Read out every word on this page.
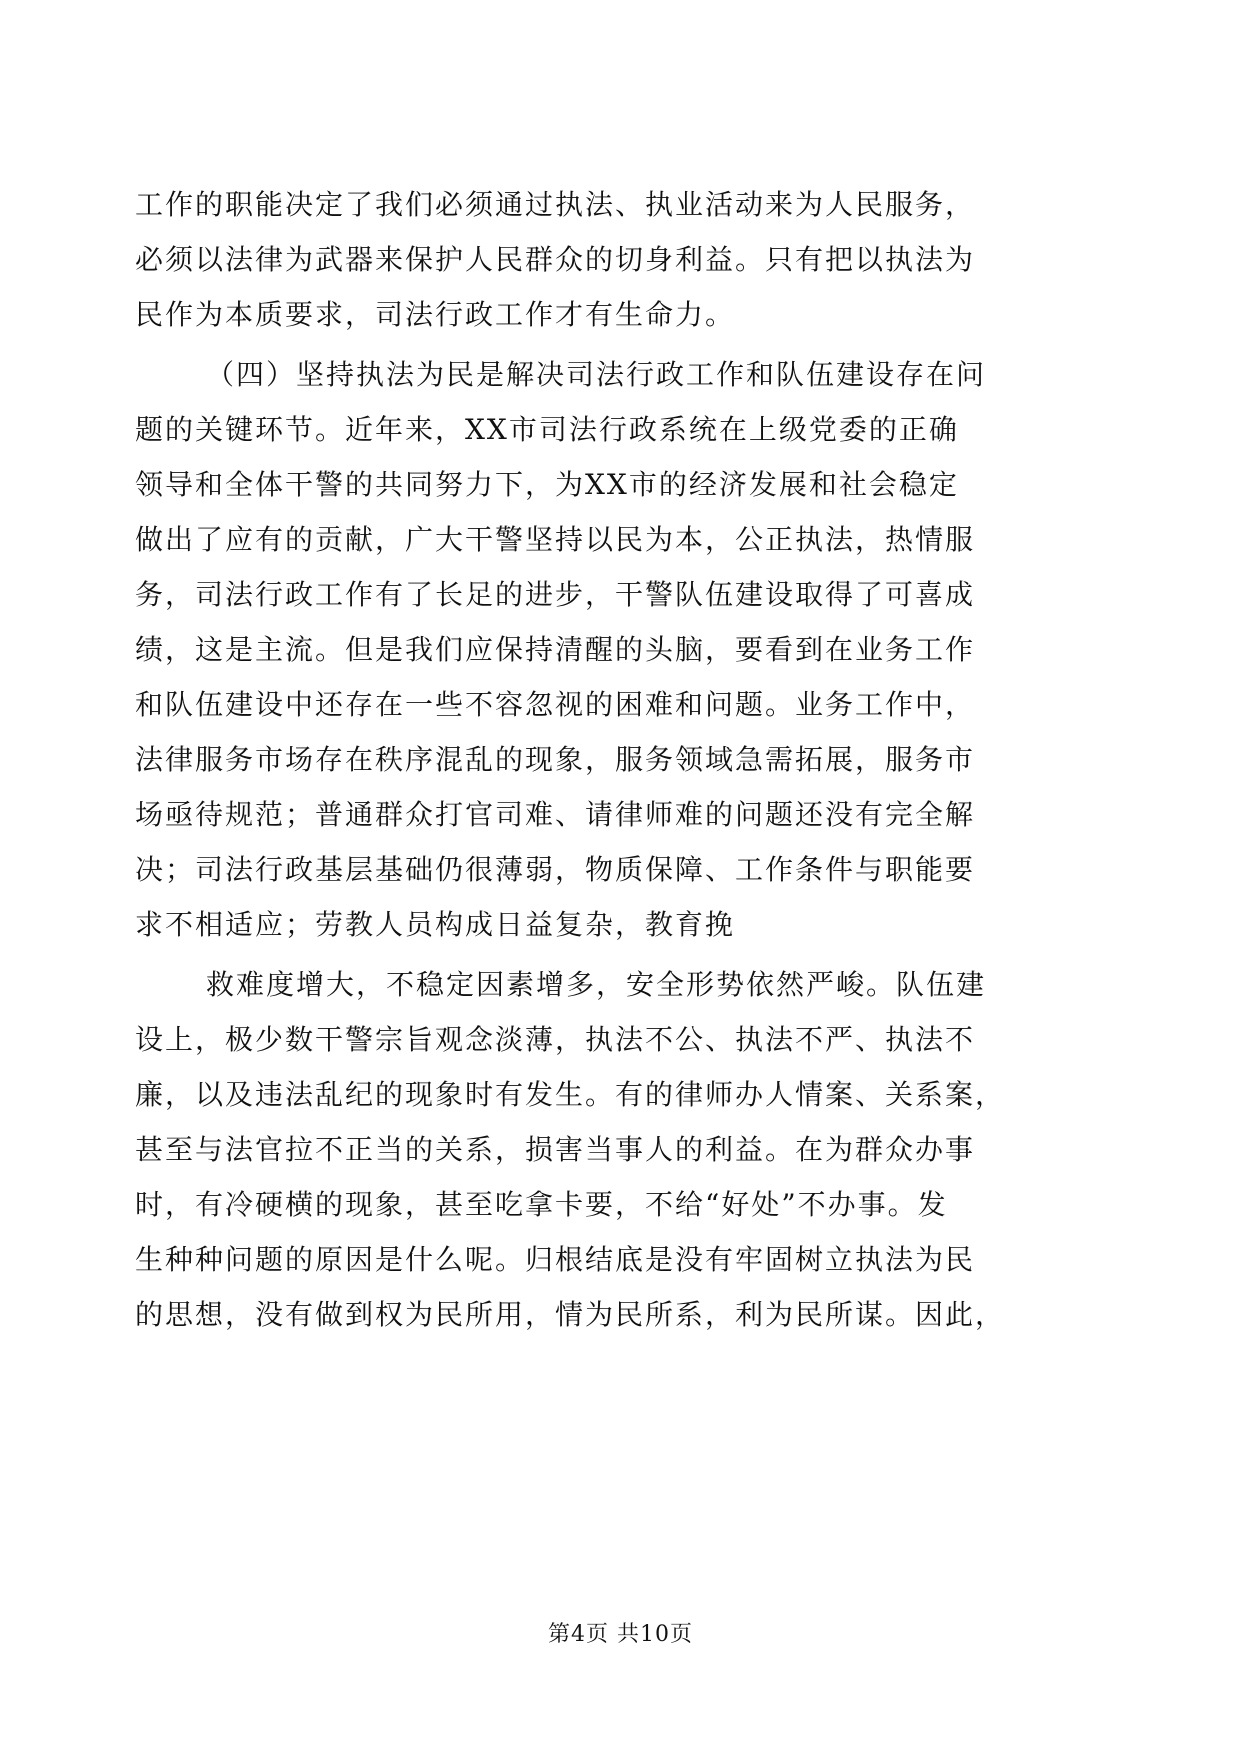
工作的职能决定了我们必须通过执法、执业活动来为人民服务，
必须以法律为武器来保护人民群众的切身利益。只有把以执法为
民作为本质要求，司法行政工作才有生命力。
（四）坚持执法为民是解决司法行政工作和队伍建设存在问
题的关键环节。近年来，XX市司法行政系统在上级党委的正确
领导和全体干警的共同努力下，为XX市的经济发展和社会稳定
做出了应有的贡献，广大干警坚持以民为本，公正执法，热情服
务，司法行政工作有了长足的进步，干警队伍建设取得了可喜成
绩，这是主流。但是我们应保持清醒的头脑，要看到在业务工作
和队伍建设中还存在一些不容忽视的困难和问题。业务工作中，
法律服务市场存在秩序混乱的现象，服务领域急需拓展，服务市
场亟待规范；普通群众打官司难、请律师难的问题还没有完全解
决；司法行政基层基础仍很薄弱，物质保障、工作条件与职能要
求不相适应；劳教人员构成日益复杂，教育挽
救难度增大，不稳定因素增多，安全形势依然严峻。队伍建
设上，极少数干警宗旨观念淡薄，执法不公、执法不严、执法不
廉，以及违法乱纪的现象时有发生。有的律师办人情案、关系案，
甚至与法官拉不正当的关系，损害当事人的利益。在为群众办事
时，有冷硬横的现象，甚至吃拿卡要，不给“好处”不办事。发
生种种问题的原因是什么呢。归根结底是没有牢固树立执法为民
的思想，没有做到权为民所用，情为民所系，利为民所谋。因此，
第4页 共10页
